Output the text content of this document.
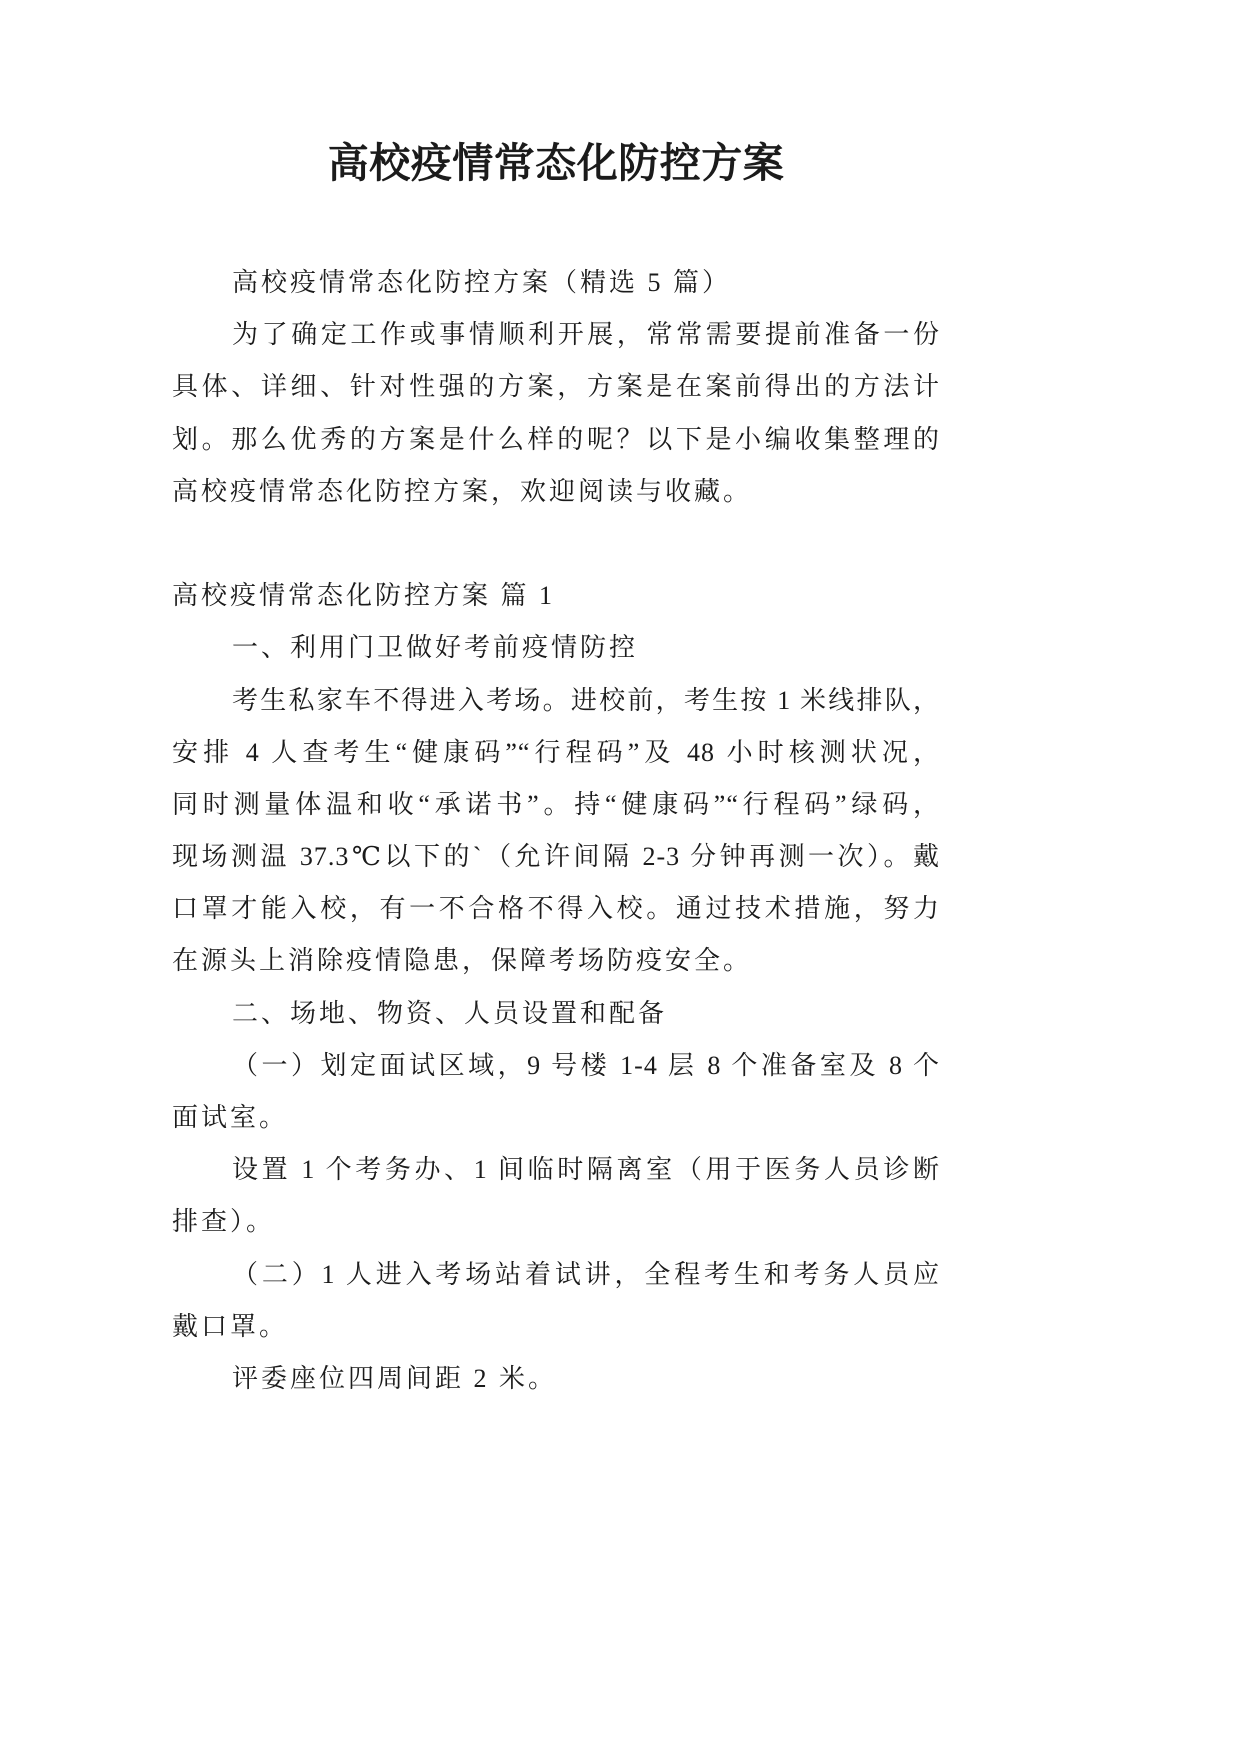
高校疫情常态化防控方案
高校疫情常态化防控方案（精选 5 篇）
为了确定工作或事情顺利开展，常常需要提前准备一份
具体、详细、针对性强的方案，方案是在案前得出的方法计
划。那么优秀的方案是什么样的呢？以下是小编收集整理的
高校疫情常态化防控方案，欢迎阅读与收藏。
高校疫情常态化防控方案 篇 1
一、利用门卫做好考前疫情防控
考生私家车不得进入考场。进校前，考生按 1 米线排队，
安排 4 人查考生“健康码”“行程码”及 48 小时核测状况，
同时测量体温和收“承诺书”。持“健康码”“行程码”绿码，
现场测温 37.3℃以下的`（允许间隔 2-3 分钟再测一次）。戴
口罩才能入校，有一不合格不得入校。通过技术措施，努力
在源头上消除疫情隐患，保障考场防疫安全。
二、场地、物资、人员设置和配备
（一）划定面试区域，9 号楼 1-4 层 8 个准备室及 8 个
面试室。
设置 1 个考务办、1 间临时隔离室（用于医务人员诊断
排查）。
（二）1 人进入考场站着试讲，全程考生和考务人员应
戴口罩。
评委座位四周间距 2 米。
